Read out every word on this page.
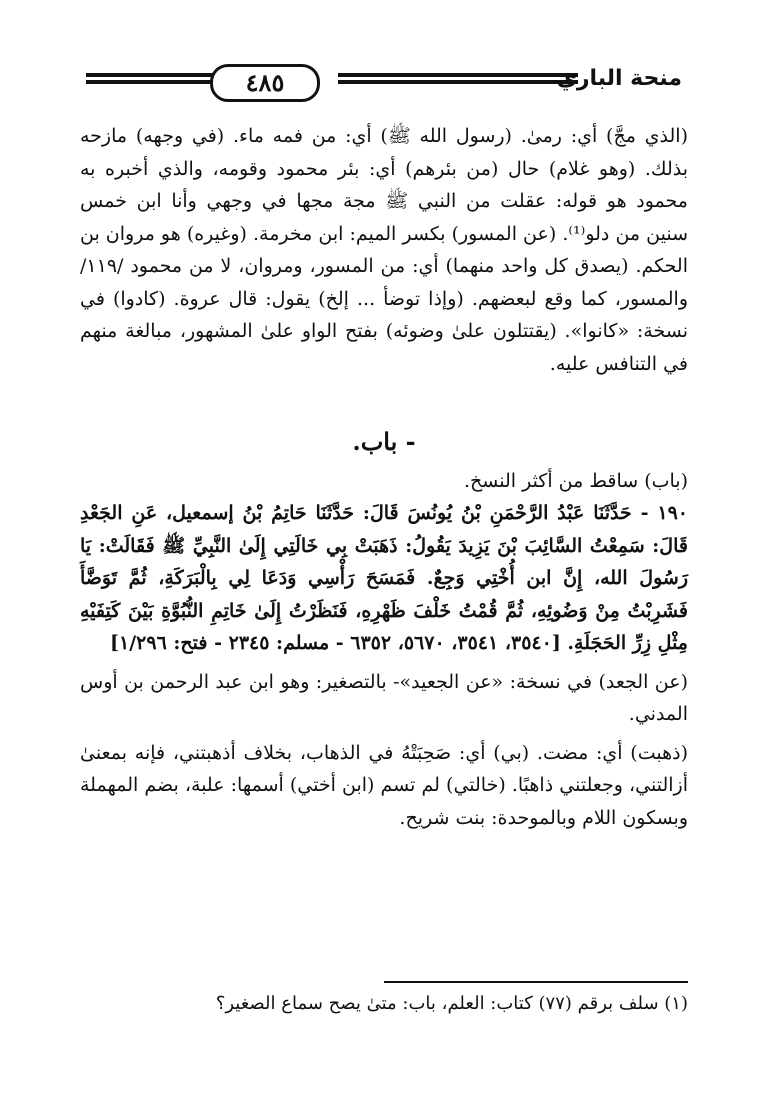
٤٨٥	منحة الباري

(الذي مجَّ) أي: رمىٰ. (رسول الله ﷺ) أي: من فمه ماء. (في وجهه) مازحه بذلك. (وهو غلام) حال (من بئرهم) أي: بئر محمود وقومه، والذي أخبره به محمود هو قوله: عقلت من النبي ﷺ مجة مجها في وجهي وأنا ابن خمس سنين من دلو⁽¹⁾. (عن المسور) بكسر الميم: ابن مخرمة. (وغيره) هو مروان بن الحكم. (يصدق كل واحد منهما) أي: من المسور، ومروان، لا من محمود /١١٩/ والمسور، كما وقع لبعضهم. (وإذا توضأ ... إلخ) يقول: قال عروة. (كادوا) في نسخة: «كانوا». (يقتتلون علىٰ وضوئه) بفتح الواو علىٰ المشهور، مبالغة منهم في التنافس عليه.

- باب.

(باب) ساقط من أكثر النسخ.

١٩٠ - حَدَّثَنَا عَبْدُ الرَّحْمَنِ بْنُ يُونُسَ قَالَ: حَدَّثَنَا حَاتِمُ بْنُ إسمعيل، عَنِ الجَعْدِ قَالَ: سَمِعْتُ السَّائِبَ بْنَ يَزِيدَ يَقُولُ: ذَهَبَتْ بِي خَالَتِي إِلَىٰ النَّبِيِّ ﷺ فَقَالَتْ: يَا رَسُولَ الله، إِنَّ ابن أُخْتِي وَجِعٌ. فَمَسَحَ رَأْسِي وَدَعَا لِي بِالْبَرَكَةِ، ثُمَّ تَوَضَّأَ فَشَرِبْتُ مِنْ وَضُوئِهِ، ثُمَّ قُمْتُ خَلْفَ ظَهْرِهِ، فَنَظَرْتُ إِلَىٰ خَاتِمِ النُّبُوَّةِ بَيْنَ كَتِفَيْهِ مِثْلِ زِرِّ الحَجَلَةِ. [٣٥٤٠، ٣٥٤١، ٥٦٧٠، ٦٣٥٢ - مسلم: ٢٣٤٥ - فتح: ١/٢٩٦]

(عن الجعد) في نسخة: «عن الجعيد»- بالتصغير: وهو ابن عبد الرحمن بن أوس المدني.

(ذهبت) أي: مضت. (بي) أي: صَحِبَتْهُ في الذهاب، بخلاف أذهبتني، فإنه بمعنىٰ أزالتني، وجعلتني ذاهبًا. (خالتي) لم تسم (ابن أختي) أسمها: علبة، بضم المهملة وبسكون اللام وبالموحدة: بنت شريح.

(١) سلف برقم (٧٧) كتاب: العلم، باب: متىٰ يصح سماع الصغير؟
